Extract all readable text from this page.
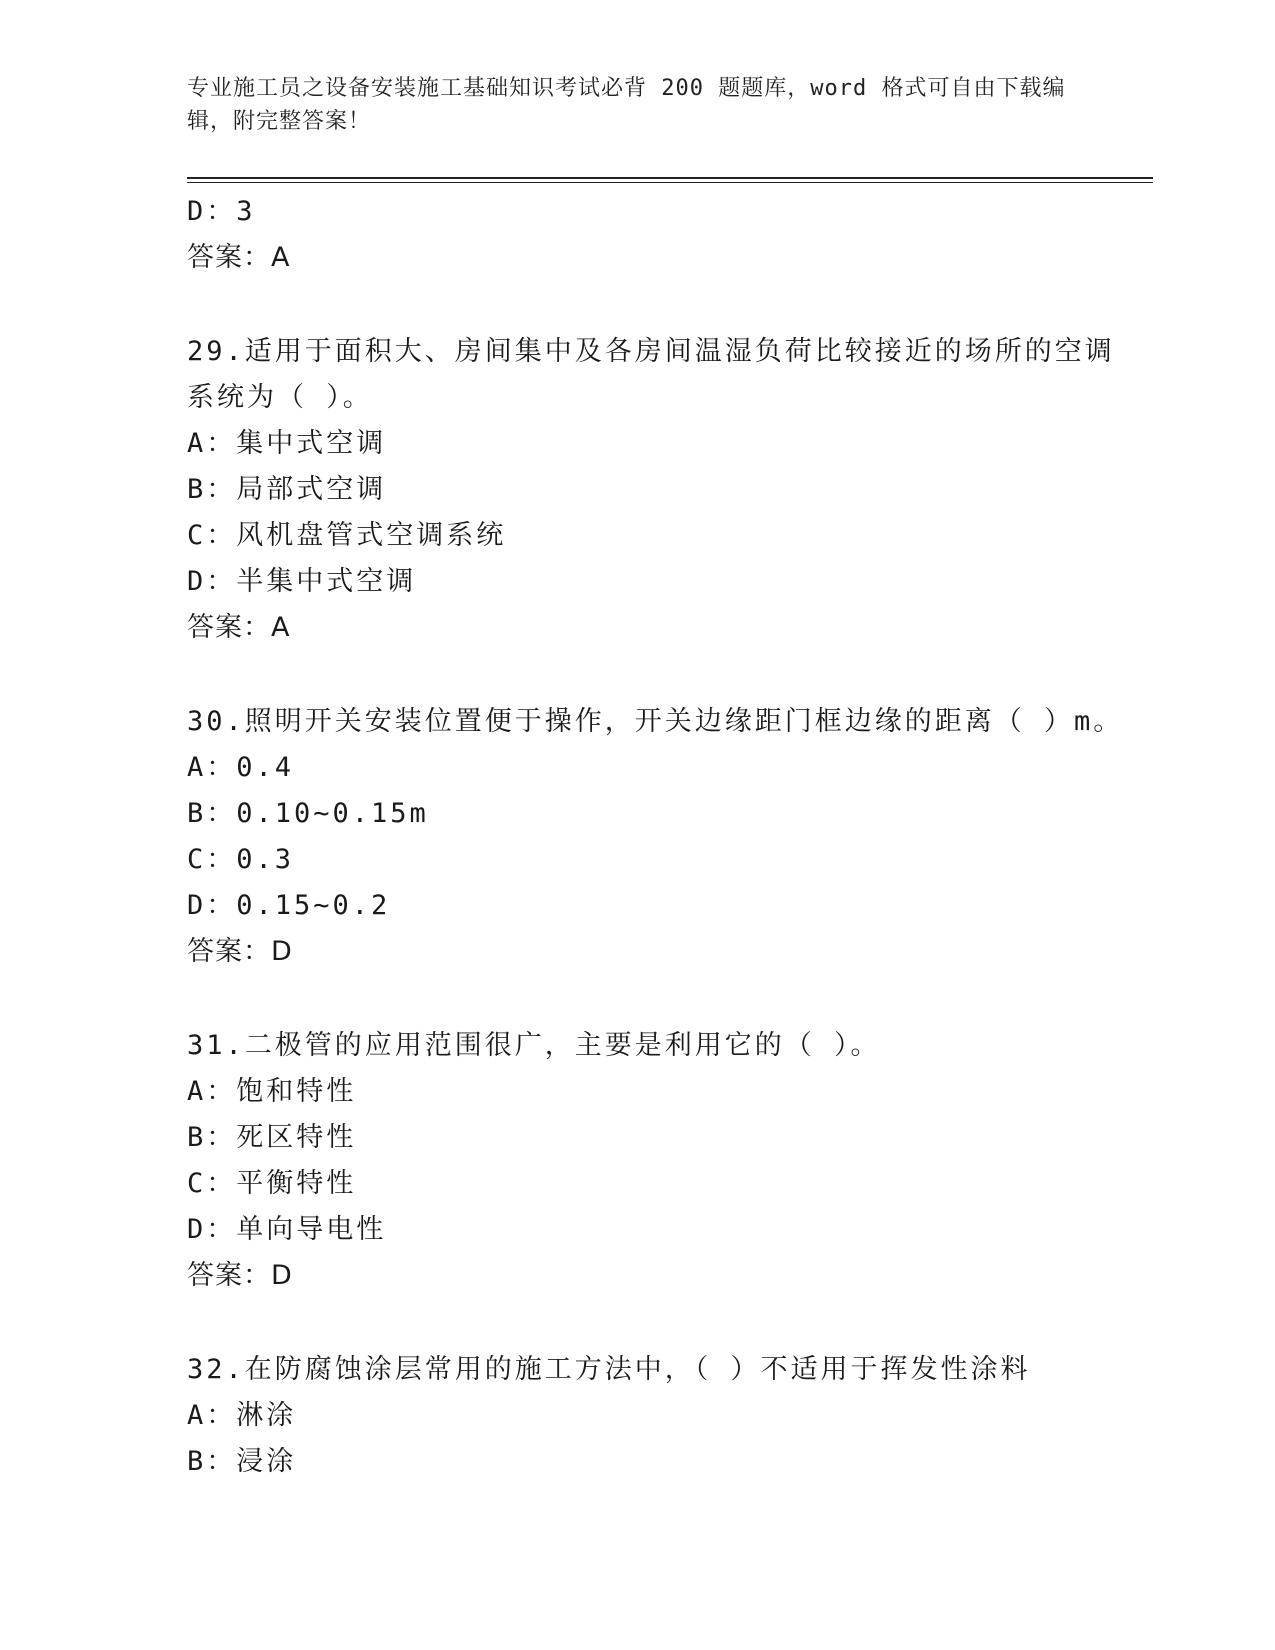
专业施工员之设备安装施工基础知识考试必背 200 题题库，word 格式可自由下载编辑，附完整答案！
D：3
答案：A
29.适用于面积大、房间集中及各房间温湿负荷比较接近的场所的空调
系统为（ ）。
A：集中式空调
B：局部式空调
C：风机盘管式空调系统
D：半集中式空调
答案：A
30.照明开关安装位置便于操作，开关边缘距门框边缘的距离（ ）m。
A：0.4
B：0.10~0.15m
C：0.3
D：0.15~0.2
答案：D
31.二极管的应用范围很广，主要是利用它的（ ）。
A：饱和特性
B：死区特性
C：平衡特性
D：单向导电性
答案：D
32.在防腐蚀涂层常用的施工方法中，（ ）不适用于挥发性涂料
A：淋涂
B：浸涂
